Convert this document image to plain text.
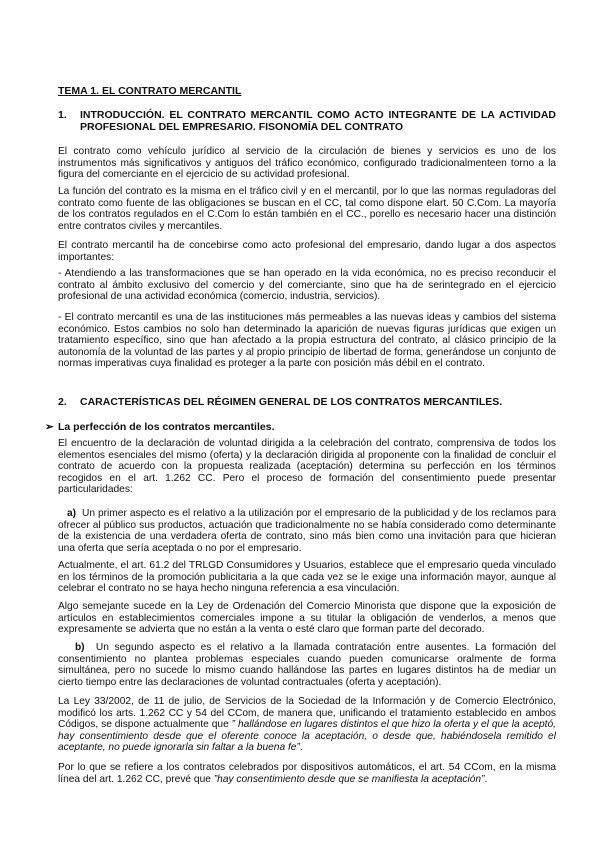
TEMA 1. EL CONTRATO MERCANTIL
1. INTRODUCCIÓN. EL CONTRATO MERCANTIL COMO ACTO INTEGRANTE DE LA ACTIVIDAD PROFESIONAL DEL EMPRESARIO. FISONOMÍA DEL CONTRATO

El contrato como vehículo jurídico al servicio de la circulación de bienes y servicios es uno de los instrumentos más significativos y antiguos del tráfico económico, configurado tradicionalmenteen torno a la figura del comerciante en el ejercicio de su actividad profesional.

La función del contrato es la misma en el tráfico civil y en el mercantil, por lo que las normas reguladoras del contrato como fuente de las obligaciones se buscan en el CC, tal como dispone elart. 50 C.Com. La mayoría de los contratos regulados en el C.Com lo están también en el CC., porello es necesario hacer una distinción entre contratos civiles y mercantiles.

El contrato mercantil ha de concebirse como acto profesional del empresario, dando lugar a dos aspectos importantes:

- Atendiendo a las transformaciones que se han operado en la vida económica, no es preciso reconducir el contrato al ámbito exclusivo del comercio y del comerciante, sino que ha de serintegrado en el ejercicio profesional de una actividad económica (comercio, industria, servicios).

- El contrato mercantil es una de las instituciones más permeables a las nuevas ideas y cambios del sistema económico. Estos cambios no solo han determinado la aparición de nuevas figuras jurídicas que exigen un tratamiento específico, sino que han afectado a la propia estructura del contrato, al clásico principio de la autonomía de la voluntad de las partes y al propio principio de libertad de forma, generándose un conjunto de normas imperativas cuya finalidad es proteger a la parte con posición más débil en el contrato.

2. CARACTERÍSTICAS DEL RÉGIMEN GENERAL DE LOS CONTRATOS MERCANTILES.
➢ La perfección de los contratos mercantiles.

El encuentro de la declaración de voluntad dirigida a la celebración del contrato, comprensiva de todos los elementos esenciales del mismo (oferta) y la declaración dirigida al proponente con la finalidad de concluir el contrato de acuerdo con la propuesta realizada (aceptación) determina su perfección en los términos recogidos en el art. 1.262 CC. Pero el proceso de formación del consentimiento puede presentar particularidades:

a) Un primer aspecto es el relativo a la utilización por el empresario de la publicidad y de los reclamos para ofrecer al público sus productos, actuación que tradicionalmente no se había considerado como determinante de la existencia de una verdadera oferta de contrato, sino más bien como una invitación para que hicieran una oferta que sería aceptada o no por el empresario.

Actualmente, el art. 61.2 del TRLGD Consumidores y Usuarios, establece que el empresario queda vinculado en los términos de la promoción publicitaria a la que cada vez se le exige una información mayor, aunque al celebrar el contrato no se haya hecho ninguna referencia a esa vinculación.

Algo semejante sucede en la Ley de Ordenación del Comercio Minorista que dispone que la exposición de artículos en establecimientos comerciales impone a su titular la obligación de venderlos, a menos que expresamente se advierta que no están a la venta o esté claro que forman parte del decorado.

b) Un segundo aspecto es el relativo a la llamada contratación entre ausentes. La formación del consentimiento no plantea problemas especiales cuando pueden comunicarse oralmente de forma simultánea, pero no sucede lo mismo cuando hallándose las partes en lugares distintos ha de mediar un cierto tiempo entre las declaraciones de voluntad contractuales (oferta y aceptación).

La Ley 33/2002, de 11 de julio, de Servicios de la Sociedad de la Información y de Comercio Electrónico, modificó los arts. 1.262 CC y 54 del CCom, de manera que, unificando el tratamiento establecido en ambos Códigos, se dispone actualmente que ” hallándose en lugares distintos el que hizo la oferta y el que la aceptó, hay consentimiento desde que el oferente conoce la aceptación, o desde que, habiéndosela remitido el aceptante, no puede ignorarla sin faltar a la buena fe”.

Por lo que se refiere a los contratos celebrados por dispositivos automáticos, el art. 54 CCom, en la misma línea del art. 1.262 CC, prevé que ”hay consentimiento desde que se manifiesta la aceptación”.
